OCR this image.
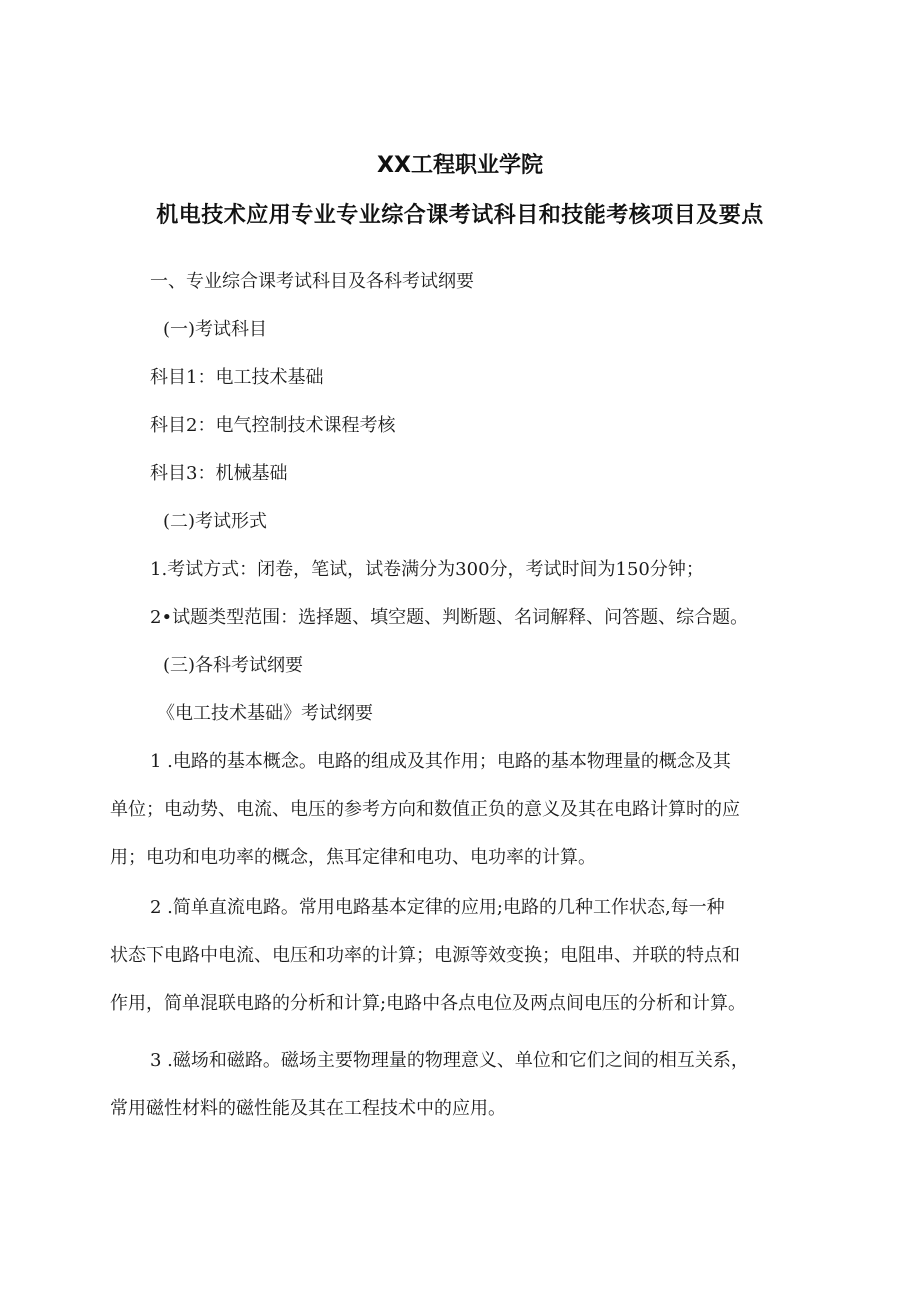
XX工程职业学院
机电技术应用专业专业综合课考试科目和技能考核项目及要点
一、专业综合课考试科目及各科考试纲要
(一)考试科目
科目1：电工技术基础
科目2：电气控制技术课程考核
科目3：机械基础
(二)考试形式
1.考试方式：闭卷，笔试，试卷满分为300分，考试时间为150分钟；
2•试题类型范围：选择题、填空题、判断题、名词解释、问答题、综合题。
(三)各科考试纲要
《电工技术基础》考试纲要
1 .电路的基本概念。电路的组成及其作用；电路的基本物理量的概念及其
单位；电动势、电流、电压的参考方向和数值正负的意义及其在电路计算时的应
用；电功和电功率的概念，焦耳定律和电功、电功率的计算。
2 .简单直流电路。常用电路基本定律的应用;电路的几种工作状态,每一种
状态下电路中电流、电压和功率的计算；电源等效变换；电阻串、并联的特点和
作用，简单混联电路的分析和计算;电路中各点电位及两点间电压的分析和计算。
3 .磁场和磁路。磁场主要物理量的物理意义、单位和它们之间的相互关系，
常用磁性材料的磁性能及其在工程技术中的应用。
